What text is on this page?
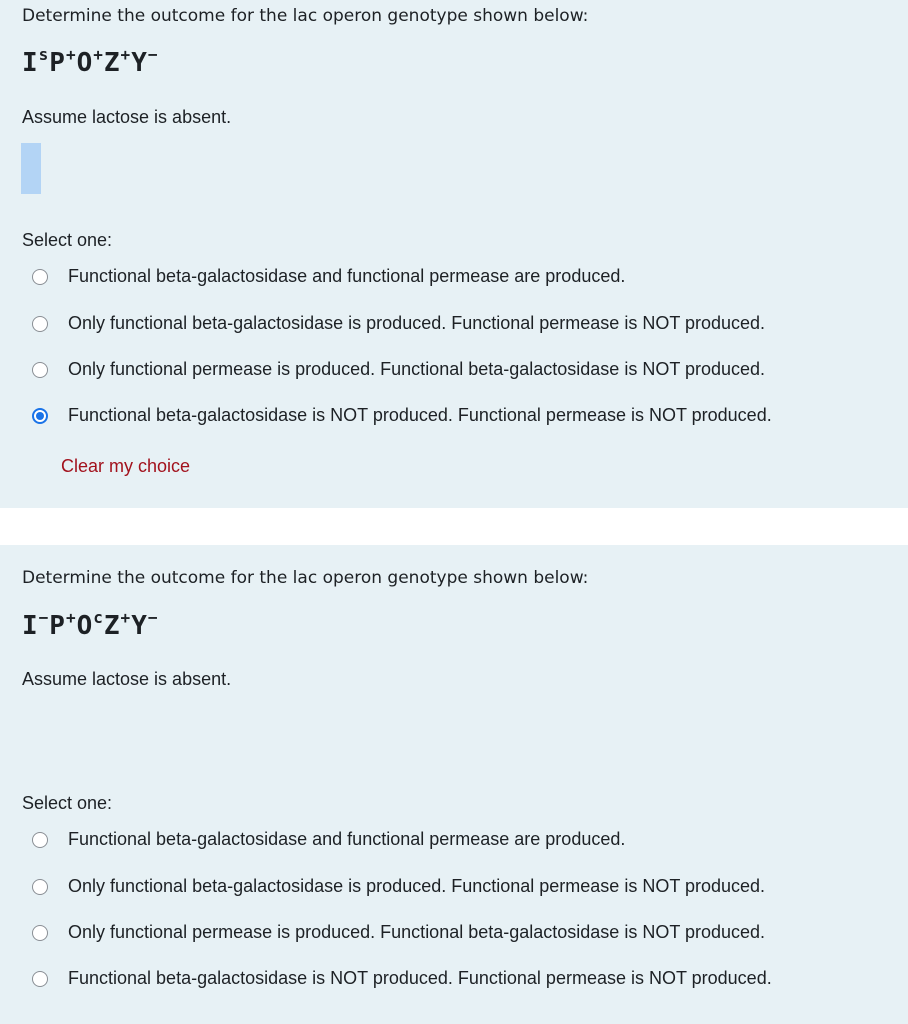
Determine the outcome for the lac operon genotype shown below:
$I^sP^+O^+Z^+Y^-$
Assume lactose is absent.
Select one:
Functional beta-galactosidase and functional permease are produced.
Only functional beta-galactosidase is produced. Functional permease is NOT produced.
Only functional permease is produced. Functional beta-galactosidase is NOT produced.
Functional beta-galactosidase is NOT produced. Functional permease is NOT produced.
Clear my choice
Determine the outcome for the lac operon genotype shown below:
$I^-P^+O^cZ^+Y^-$
Assume lactose is absent.
Select one:
Functional beta-galactosidase and functional permease are produced.
Only functional beta-galactosidase is produced. Functional permease is NOT produced.
Only functional permease is produced. Functional beta-galactosidase is NOT produced.
Functional beta-galactosidase is NOT produced. Functional permease is NOT produced.
